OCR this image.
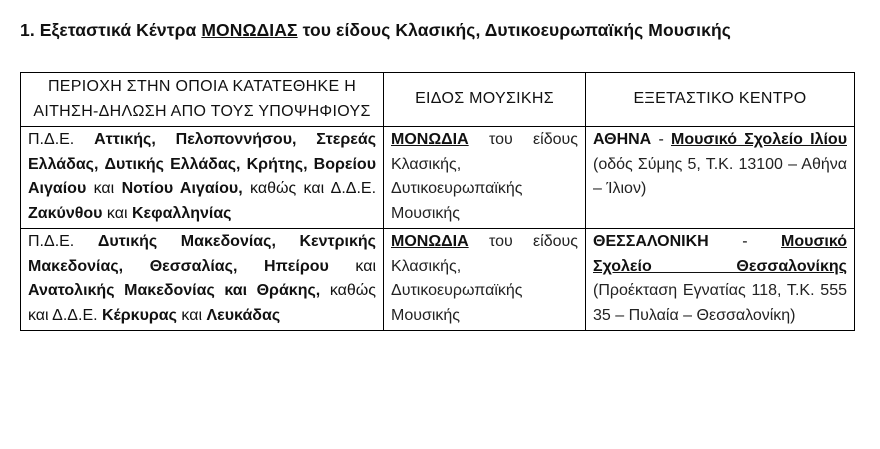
1. Εξεταστικά Κέντρα ΜΟΝΩΔΙΑΣ του είδους Κλασικής, Δυτικοευρωπαϊκής Μουσικής
ΠΕΡΙΟΧΗ ΣΤΗΝ ΟΠΟΙΑ ΚΑΤΑΤΕΘΗΚΕ Η ΑΙΤΗΣΗ-ΔΗΛΩΣΗ ΑΠΟ ΤΟΥΣ ΥΠΟΨΗΦΙΟΥΣ	ΕΙΔΟΣ ΜΟΥΣΙΚΗΣ	ΕΞΕΤΑΣΤΙΚΟ ΚΕΝΤΡΟ
Π.Δ.Ε. Αττικής, Πελοποννήσου, Στερεάς Ελλάδας, Δυτικής Ελλάδας, Κρήτης, Βορείου Αιγαίου και Νοτίου Αιγαίου, καθώς και Δ.Δ.Ε. Ζακύνθου και Κεφαλληνίας	ΜΟΝΩΔΙΑ του είδους Κλασικής, Δυτικοευρωπαϊκής Μουσικής	ΑΘΗΝΑ - Μουσικό Σχολείο Ιλίου (οδός Σύμης 5, Τ.Κ. 13100 – Αθήνα – Ίλιον)
Π.Δ.Ε. Δυτικής Μακεδονίας, Κεντρικής Μακεδονίας, Θεσσαλίας, Ηπείρου και Ανατολικής Μακεδονίας και Θράκης, καθώς και Δ.Δ.Ε. Κέρκυρας και Λευκάδας	ΜΟΝΩΔΙΑ του είδους Κλασικής, Δυτικοευρωπαϊκής Μουσικής	ΘΕΣΣΑΛΟΝΙΚΗ - Μουσικό Σχολείο Θεσσαλονίκης (Προέκταση Εγνατίας 118, Τ.Κ. 555 35 – Πυλαία – Θεσσαλονίκη)
